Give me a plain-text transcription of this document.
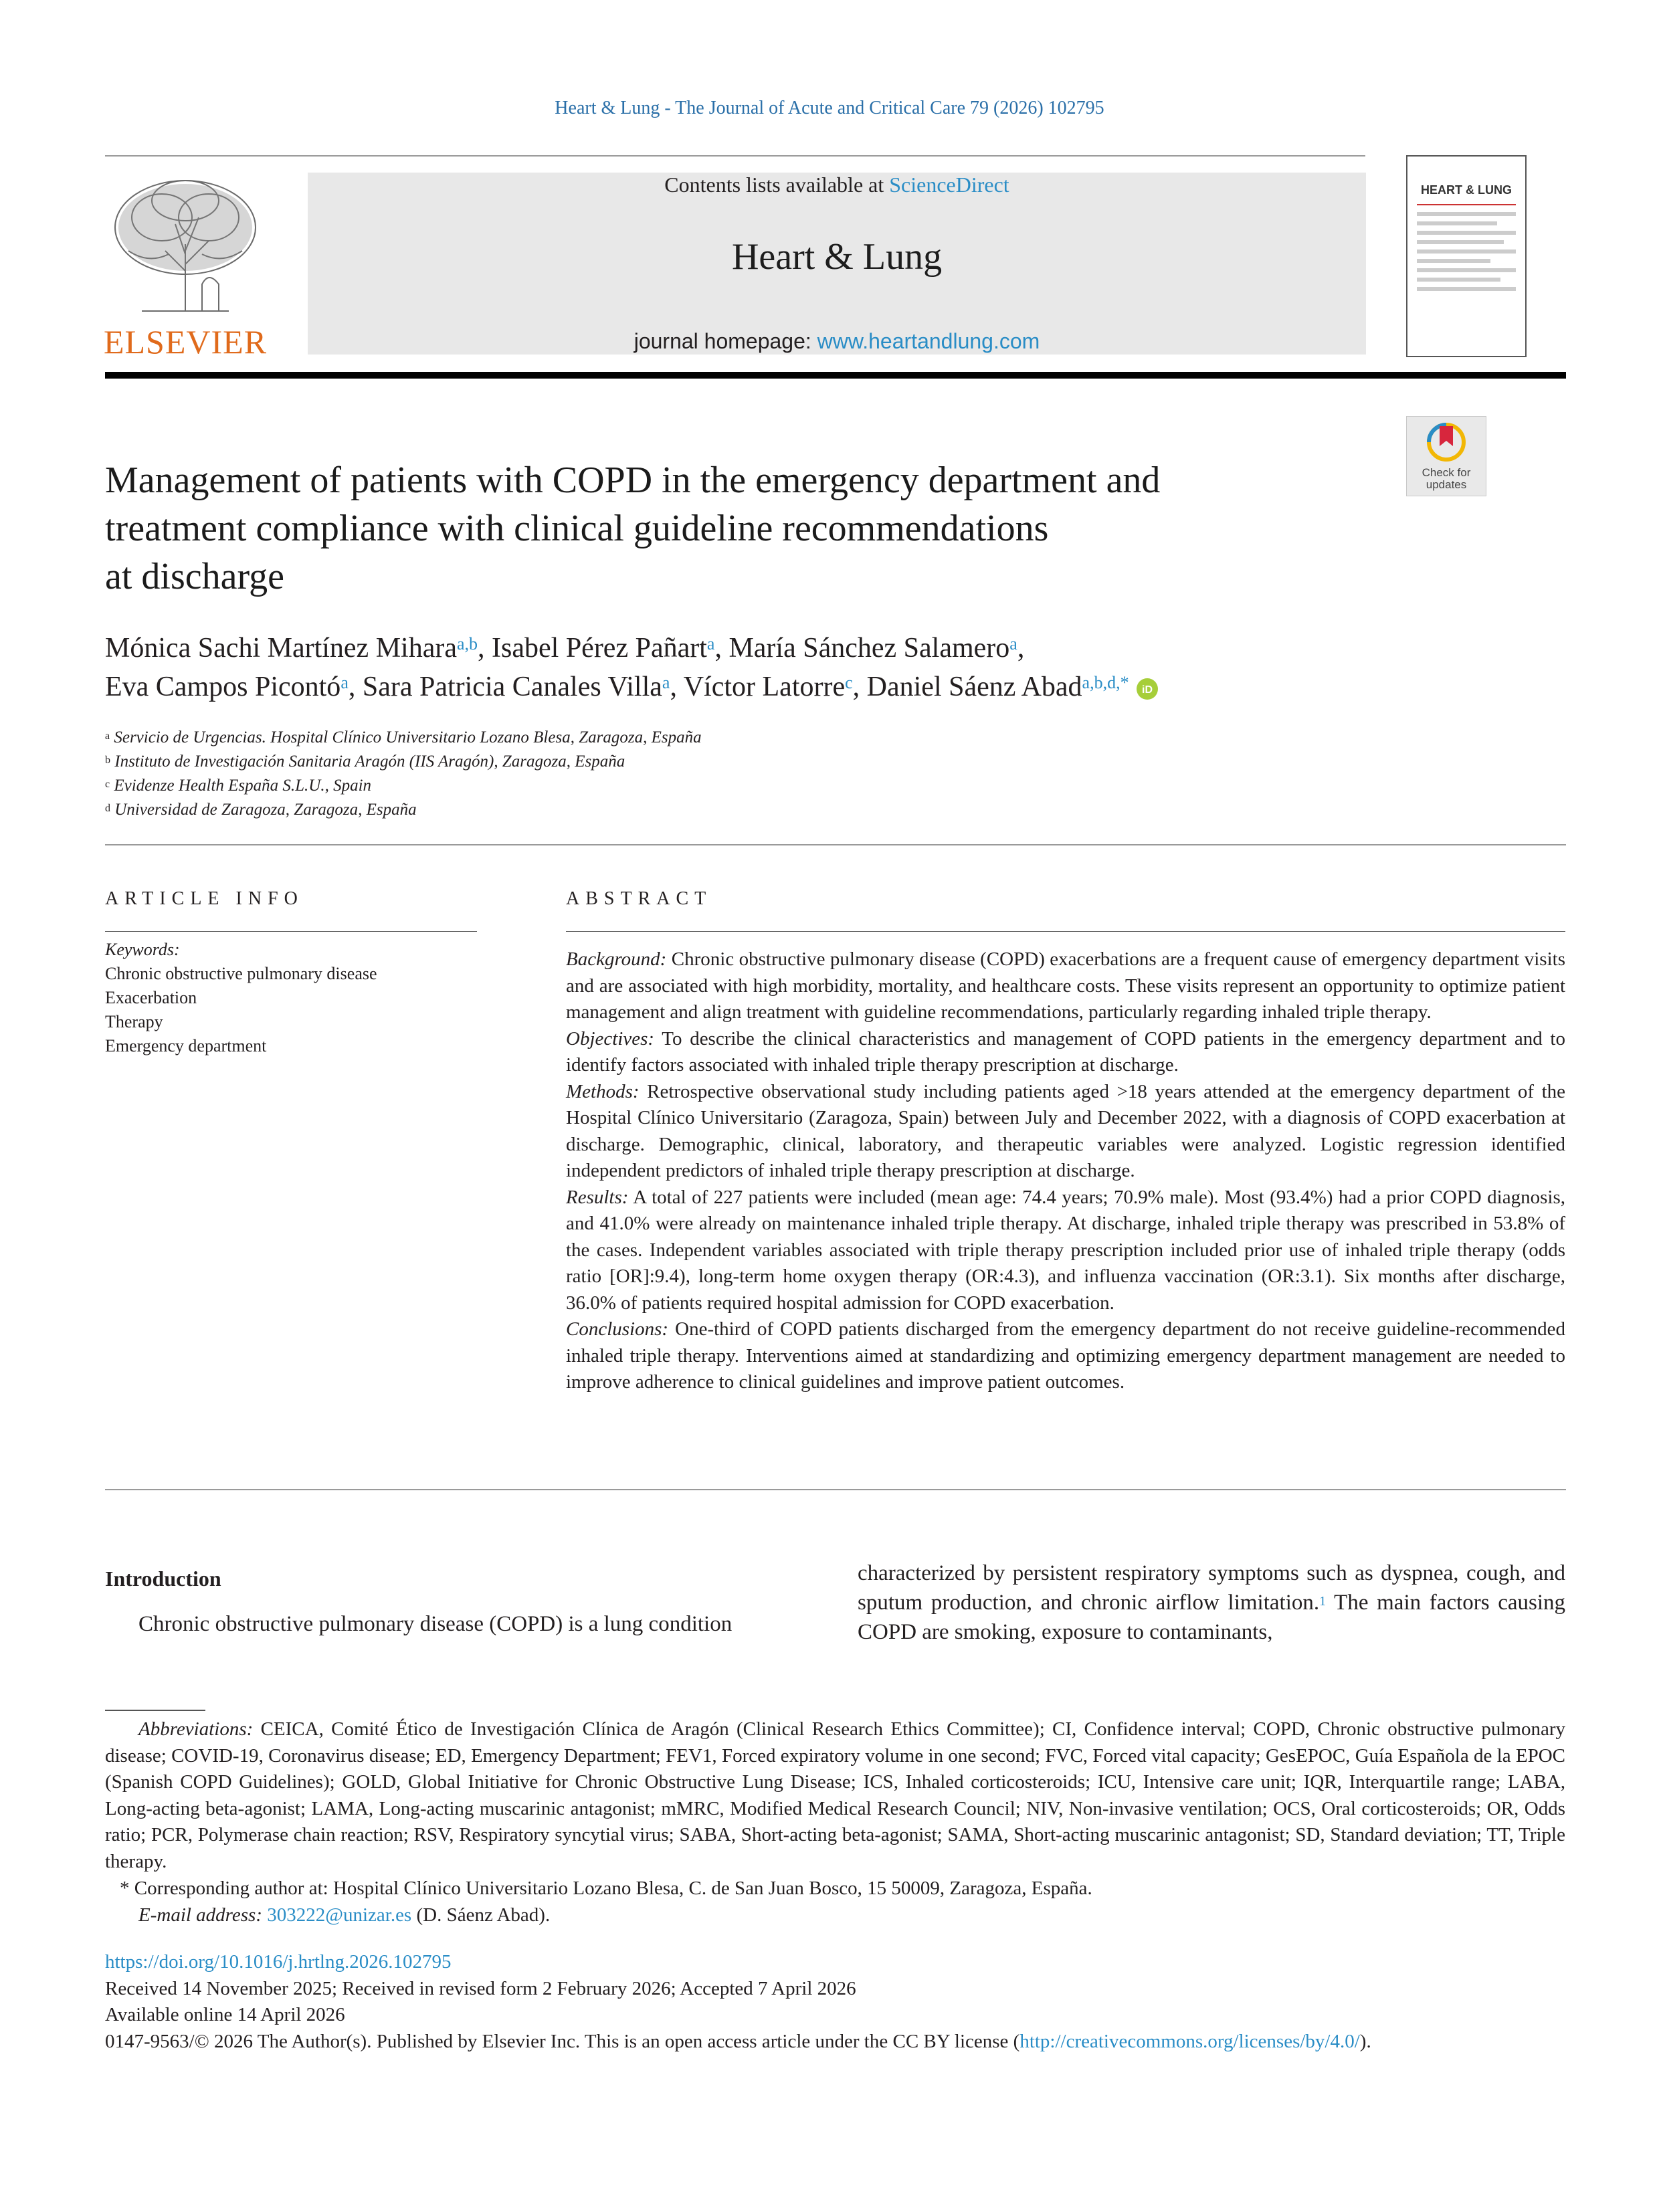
Heart & Lung - The Journal of Acute and Critical Care 79 (2026) 102795
ELSEVIER
Contents lists available at ScienceDirect
Heart & Lung
journal homepage: www.heartandlung.com
HEART & LUNG
Check for
updates
Management of patients with COPD in the emergency department and
treatment compliance with clinical guideline recommendations
at discharge
Mónica Sachi Martínez Mihara$^{a,b}$, Isabel Pérez Pañart$^a$, María Sánchez Salamero$^a$,
Eva Campos Picontó$^a$, Sara Patricia Canales Villa$^a$, Víctor Latorre$^c$, Daniel Sáenz Abad$^{a,b,d,*}$ iD
$^a$ Servicio de Urgencias. Hospital Clínico Universitario Lozano Blesa, Zaragoza, España
$^b$ Instituto de Investigación Sanitaria Aragón (IIS Aragón), Zaragoza, España
$^c$ Evidenze Health España S.L.U., Spain
$^d$ Universidad de Zaragoza, Zaragoza, España
ARTICLE INFO
Keywords:
Chronic obstructive pulmonary disease
Exacerbation
Therapy
Emergency department
ABSTRACT

Background: Chronic obstructive pulmonary disease (COPD) exacerbations are a frequent cause of emergency department visits and are associated with high morbidity, mortality, and healthcare costs. These visits represent an opportunity to optimize patient management and align treatment with guideline recommendations, particularly regarding inhaled triple therapy.

Objectives: To describe the clinical characteristics and management of COPD patients in the emergency department and to identify factors associated with inhaled triple therapy prescription at discharge.

Methods: Retrospective observational study including patients aged >18 years attended at the emergency department of the Hospital Clínico Universitario (Zaragoza, Spain) between July and December 2022, with a diagnosis of COPD exacerbation at discharge. Demographic, clinical, laboratory, and therapeutic variables were analyzed. Logistic regression identified independent predictors of inhaled triple therapy prescription at discharge.

Results: A total of 227 patients were included (mean age: 74.4 years; 70.9% male). Most (93.4%) had a prior COPD diagnosis, and 41.0% were already on maintenance inhaled triple therapy. At discharge, inhaled triple therapy was prescribed in 53.8% of the cases. Independent variables associated with triple therapy prescription included prior use of inhaled triple therapy (odds ratio [OR]:9.4), long-term home oxygen therapy (OR:4.3), and influenza vaccination (OR:3.1). Six months after discharge, 36.0% of patients required hospital admission for COPD exacerbation.

Conclusions: One-third of COPD patients discharged from the emergency department do not receive guideline-recommended inhaled triple therapy. Interventions aimed at standardizing and optimizing emergency department management are needed to improve adherence to clinical guidelines and improve patient outcomes.

Introduction
Chronic obstructive pulmonary disease (COPD) is a lung condition
characterized by persistent respiratory symptoms such as dyspnea, cough, and sputum production, and chronic airflow limitation.$^1$ The main factors causing COPD are smoking, exposure to contaminants,
Abbreviations: CEICA, Comité Ético de Investigación Clínica de Aragón (Clinical Research Ethics Committee); CI, Confidence interval; COPD, Chronic obstructive pulmonary disease; COVID-19, Coronavirus disease; ED, Emergency Department; FEV1, Forced expiratory volume in one second; FVC, Forced vital capacity; GesEPOC, Guía Española de la EPOC (Spanish COPD Guidelines); GOLD, Global Initiative for Chronic Obstructive Lung Disease; ICS, Inhaled corticosteroids; ICU, Intensive care unit; IQR, Interquartile range; LABA, Long-acting beta-agonist; LAMA, Long-acting muscarinic antagonist; mMRC, Modified Medical Research Council; NIV, Non-invasive ventilation; OCS, Oral corticosteroids; OR, Odds ratio; PCR, Polymerase chain reaction; RSV, Respiratory syncytial virus; SABA, Short-acting beta-agonist; SAMA, Short-acting muscarinic antagonist; SD, Standard deviation; TT, Triple therapy.
* Corresponding author at: Hospital Clínico Universitario Lozano Blesa, C. de San Juan Bosco, 15 50009, Zaragoza, España.
E-mail address: 303222@unizar.es (D. Sáenz Abad).
https://doi.org/10.1016/j.hrtlng.2026.102795
Received 14 November 2025; Received in revised form 2 February 2026; Accepted 7 April 2026
Available online 14 April 2026
0147-9563/© 2026 The Author(s). Published by Elsevier Inc. This is an open access article under the CC BY license (http://creativecommons.org/licenses/by/4.0/).
